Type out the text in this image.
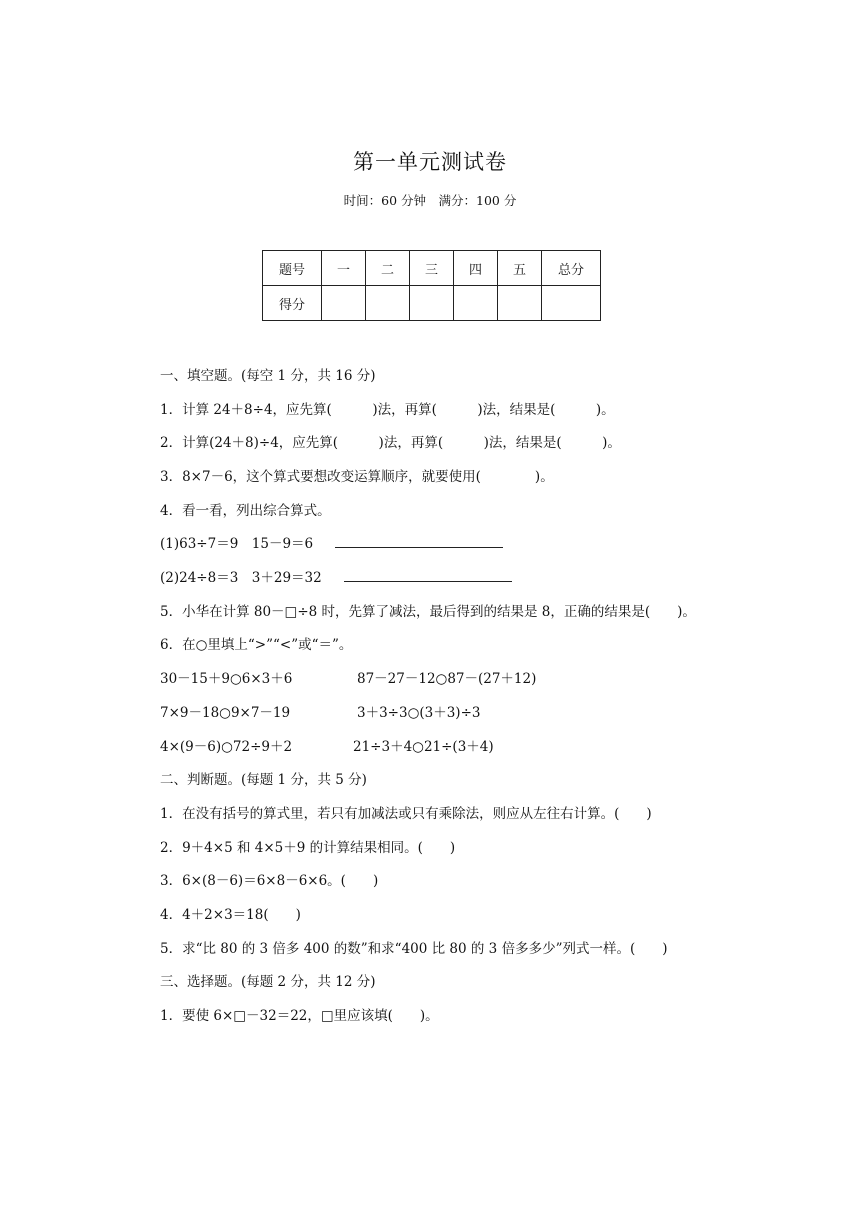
第一单元测试卷
时间：60 分钟　满分：100 分
题号	一	二	三	四	五	总分
得分						
一、填空题。(每空 1 分，共 16 分)
1．计算 24＋8÷4，应先算(　　　)法，再算(　　　)法，结果是(　　　)。
2．计算(24＋8)÷4，应先算(　　　)法，再算(　　　)法，结果是(　　　)。
3．8×7－6，这个算式要想改变运算顺序，就要使用(　　　　)。
4．看一看，列出综合算式。
(1)63÷7＝9　15－9＝6
(2)24÷8＝3　3＋29＝32
5．小华在计算 80－□÷8 时，先算了减法，最后得到的结果是 8，正确的结果是(　　)。
6．在○里填上“>”“<”或“＝”。
30－15＋9○6×3＋6	87－27－12○87－(27＋12)
7×9－18○9×7－19	3＋3÷3○(3＋3)÷3
4×(9－6)○72÷9＋2	21÷3＋4○21÷(3＋4)
二、判断题。(每题 1 分，共 5 分)
1．在没有括号的算式里，若只有加减法或只有乘除法，则应从左往右计算。(　　)
2．9＋4×5 和 4×5＋9 的计算结果相同。(　　)
3．6×(8－6)＝6×8－6×6。(　　)
4．4＋2×3＝18(　　)
5．求“比 80 的 3 倍多 400 的数”和求“400 比 80 的 3 倍多多少”列式一样。(　　)
三、选择题。(每题 2 分，共 12 分)
1．要使 6×□－32＝22，□里应该填(　　)。
